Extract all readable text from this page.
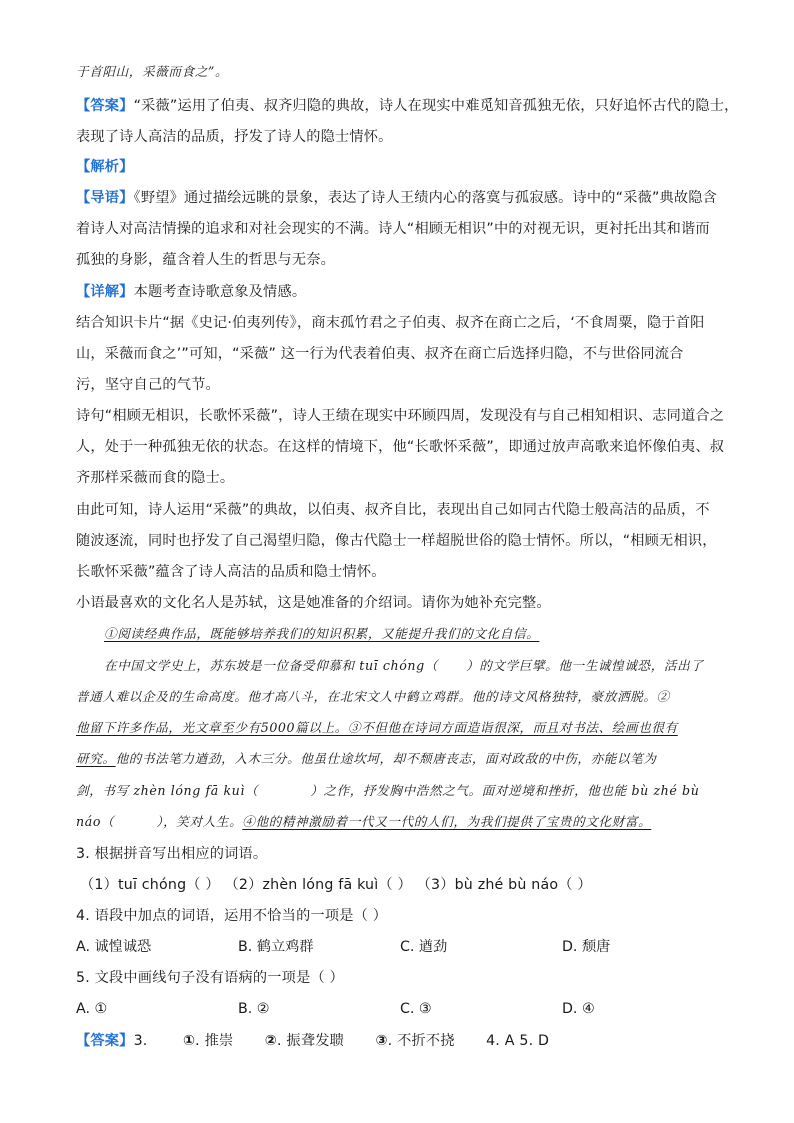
于首阳山，采薇而食之”。
【答案】“采薇”运用了伯夷、叔齐归隐的典故，诗人在现实中难觅知音孤独无依，只好追怀古代的隐士，
表现了诗人高洁的品质，抒发了诗人的隐士情怀。
【解析】
【导语】《野望》通过描绘远眺的景象，表达了诗人王绩内心的落寞与孤寂感。诗中的“采薇”典故隐含
着诗人对高洁情操的追求和对社会现实的不满。诗人“相顾无相识”中的对视无识，更衬托出其和谐而
孤独的身影，蕴含着人生的哲思与无奈。
【详解】本题考查诗歌意象及情感。
结合知识卡片“据《史记·伯夷列传》，商末孤竹君之子伯夷、叔齐在商亡之后，‘不食周粟，隐于首阳
山，采薇而食之’”可知，“采薇” 这一行为代表着伯夷、叔齐在商亡后选择归隐，不与世俗同流合
污，坚守自己的气节。
诗句“相顾无相识，长歌怀采薇”，诗人王绩在现实中环顾四周，发现没有与自己相知相识、志同道合之
人，处于一种孤独无依的状态。在这样的情境下，他“长歌怀采薇”，即通过放声高歌来追怀像伯夷、叔
齐那样采薇而食的隐士。
由此可知，诗人运用“采薇”的典故，以伯夷、叔齐自比，表现出自己如同古代隐士般高洁的品质，不
随波逐流，同时也抒发了自己渴望归隐，像古代隐士一样超脱世俗的隐士情怀。所以，“相顾无相识，
长歌怀采薇”蕴含了诗人高洁的品质和隐士情怀。
小语最喜欢的文化名人是苏轼，这是她准备的介绍词。请你为她补充完整。
①阅读经典作品，既能够培养我们的知识积累，又能提升我们的文化自信。
在中国文学史上，苏东坡是一位备受仰慕和 tuī chóng（ ）的文学巨擘。他一生诚惶诚恐，活出了
普通人难以企及的生命高度。他才高八斗，在北宋文人中鹤立鸡群。他的诗文风格独特，豪放洒脱。②
他留下许多作品，光文章至少有5000篇以上。③不但他在诗词方面造诣很深，而且对书法、绘画也很有
研究。他的书法笔力遒劲，入木三分。他虽仕途坎坷，却不颓唐丧志，面对政敌的中伤，亦能以笔为
剑，书写 zhèn lóng fā kuì（	）之作，抒发胸中浩然之气。面对逆境和挫折，他也能 bù zhé bù
náo（	），笑对人生。④他的精神激励着一代又一代的人们，为我们提供了宝贵的文化财富。
3. 根据拼音写出相应的词语。
（1）tuī chóng（ ） （2）zhèn lóng fā kuì（ ） （3）bù zhé bù náo（ ）
4. 语段中加点的词语，运用不恰当的一项是（ ）
A. 诚惶诚恐	B. 鹤立鸡群	C. 遒劲	D. 颓唐
5. 文段中画线句子没有语病的一项是（ ）
A. ①	B. ②	C. ③	D. ④
【答案】3. ①. 推崇 ②. 振聋发聩 ③. 不折不挠 4. A 5. D
